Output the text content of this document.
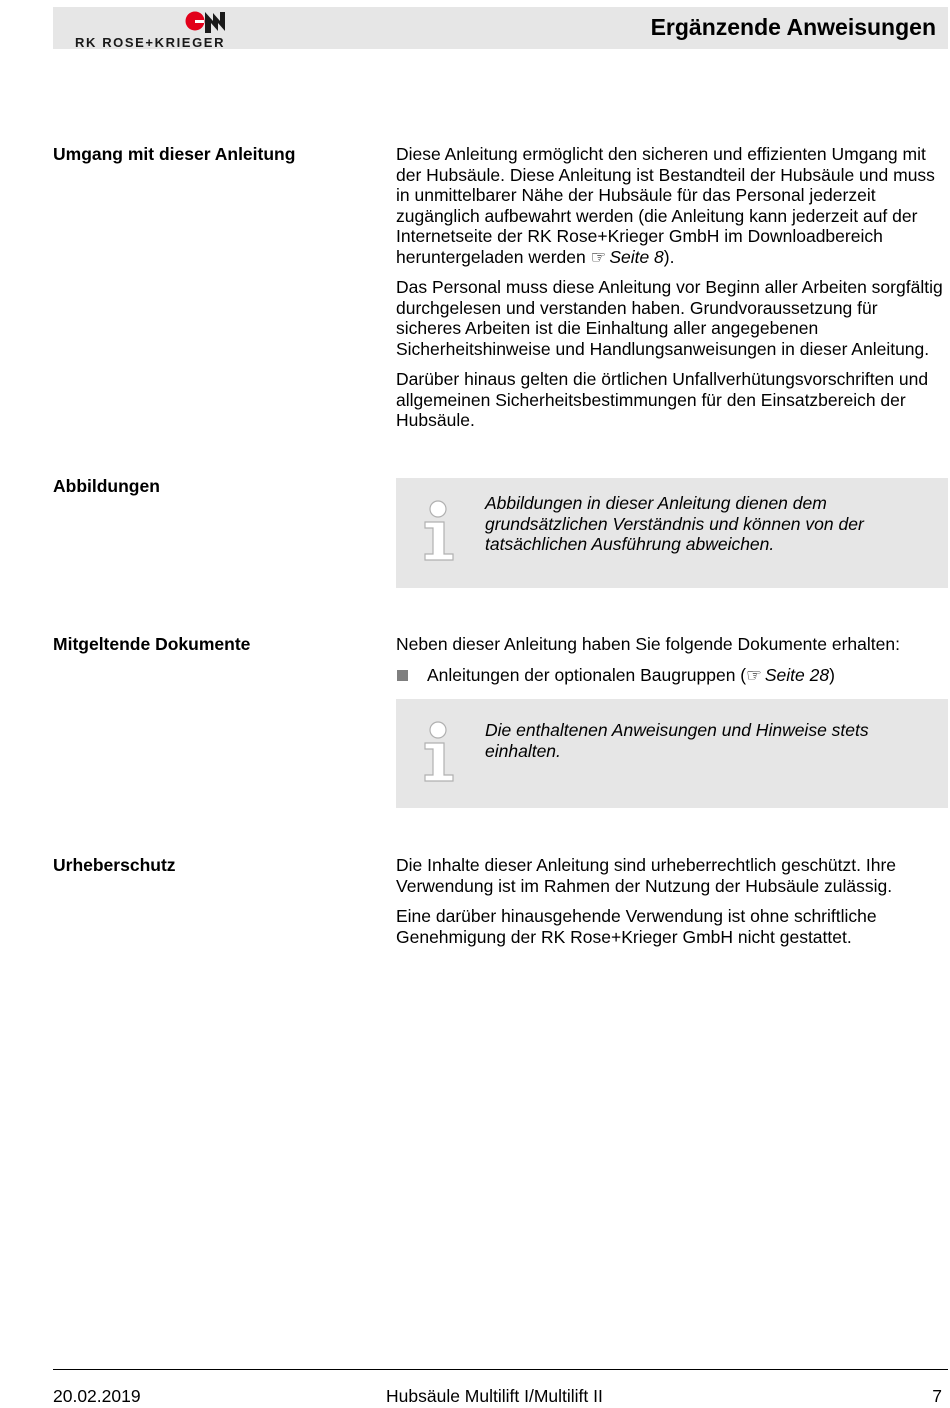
RK ROSE+KRIEGER
Ergänzende Anweisungen
Umgang mit dieser Anleitung	Diese Anleitung ermöglicht den sicheren und effizienten Umgang mit der Hubsäule. Diese Anleitung ist Bestandteil der Hubsäule und muss in unmittelbarer Nähe der Hubsäule für das Personal jederzeit zugänglich aufbewahrt werden (die Anleitung kann jederzeit auf der Internetseite der RK Rose+Krieger GmbH im Downloadbereich heruntergeladen werden ☞ Seite 8).

Das Personal muss diese Anleitung vor Beginn aller Arbeiten sorgfältig durchgelesen und verstanden haben. Grundvoraussetzung für sicheres Arbeiten ist die Einhaltung aller angegebenen Sicherheitshinweise und Handlungsanweisungen in dieser Anleitung.

Darüber hinaus gelten die örtlichen Unfallverhütungsvorschriften und allgemeinen Sicherheitsbestimmungen für den Einsatzbereich der Hubsäule.

Abbildungen
Abbildungen in dieser Anleitung dienen dem grundsätzlichen Verständnis und können von der tatsächlichen Ausführung abweichen.
Mitgeltende Dokumente	Neben dieser Anleitung haben Sie folgende Dokumente erhalten:

Anleitungen der optionalen Baugruppen (☞ Seite 28)
Die enthaltenen Anweisungen und Hinweise stets einhalten.
Urheberschutz	Die Inhalte dieser Anleitung sind urheberrechtlich geschützt. Ihre Verwendung ist im Rahmen der Nutzung der Hubsäule zulässig.

Eine darüber hinausgehende Verwendung ist ohne schriftliche Genehmigung der RK Rose+Krieger GmbH nicht gestattet.

20.02.2019	Hubsäule Multilift I/Multilift II	7
